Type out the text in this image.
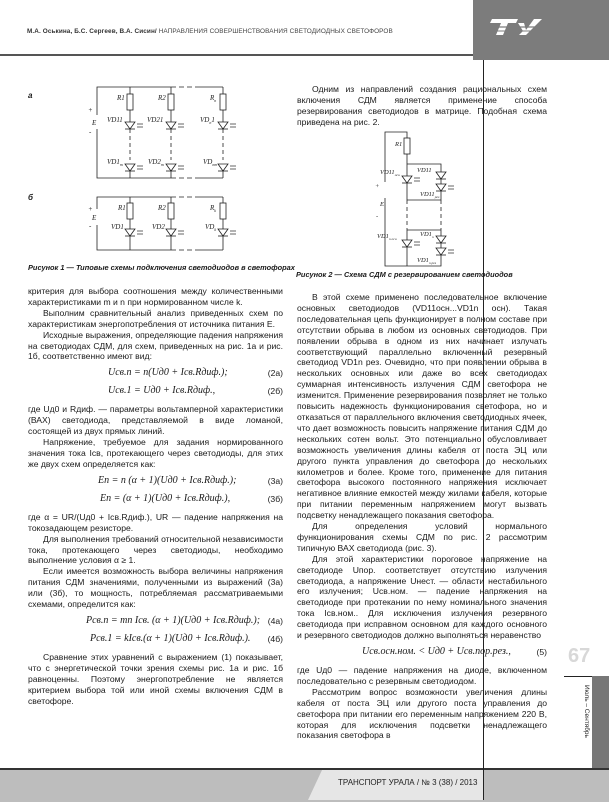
М.А. Оськина, Б.С. Сергеев, В.А. Сисин/ НАПРАВЛЕНИЯ СОВЕРШЕНСТВОВАНИЯ СВЕТОДИОДНЫХ СВЕТОФОРОВ
а
б
R1	R2	$R_n$
VD11	VD21	$VD_n1$
$VD1_m$	$VD2_m$	$VD_{nm}$
E
+
-
R1	R2	$R_k$
VD1	VD2	$VD_k$
E
+
-
Рисунок 1 — Типовые схемы подключения светодиодов в светофорах
R1
$VD11_{осн}$
VD11
$VD11_{рез}$
$VD1_{n осн}$
$VD1_n$
$VD1_{n рез}$
E
+
-
Рисунок 2 — Схема СДМ с резервированием светодиодов

критерия для выбора соотношения между количественными характеристиками m и n при нормированном числе k.

Выполним сравнительный анализ приведенных схем по характеристикам энергопотребления от источника питания E.

Исходные выражения, определяющие падения напряжения на светодиодах СДМ, для схем, приведенных на рис. 1а и рис. 1б, соответственно имеют вид:

Uсв.n = n(Uд0 + Iсв.Rдиф.);	(2а)
Uсв.1 = Uд0 + Iсв.Rдиф.,	(2б)

где Uд0 и Rдиф. — параметры вольтамперной характеристики (ВАХ) светодиода, представляемой в виде ломаной, состоящей из двух прямых линий.

Напряжение, требуемое для задания нормированного значения тока Iсв, протекающего через светодиоды, для этих же двух схем определяется как:

En = n (α + 1)(Uд0 + Iсв.Rдиф.);	(3а)
En = (α + 1)(Uд0 + Iсв.Rдиф.),	(3б)

где α = UR/(Uд0 + Iсв.Rдиф.), UR — падение напряжения на токозадающем резисторе.

Для выполнения требований относительной независимости тока, протекающего через светодиоды, необходимо выполнение условия α ≥ 1.

Если имеется возможность выбора величины напряжения питания СДМ значениями, полученными из выражений (3а) или (3б), то мощность, потребляемая рассматриваемыми схемами, определится как:

Pсв.n = mn Iсв. (α + 1)(Uд0 + Iсв.Rдиф.); (4а)
Pсв.1 = kIсв.(α + 1)(Uд0 + Iсв.Rдиф.). (4б)

Сравнение этих уравнений с выражением (1) показывает, что с энергетической точки зрения схемы рис. 1а и рис. 1б равноценны. Поэтому энергопотребление не является критерием выбора той или иной схемы включения СДМ в светофоре.

Одним из направлений создания рациональных схем включения СДМ является применение способа резервирования светодиодов в матрице. Подобная схема приведена на рис. 2.

В этой схеме применено последовательное включение основных светодиодов (VD11осн...VD1n осн). Такая последовательная цепь функционирует в полном составе при отсутствии обрыва в любом из основных светодиодов. При появлении обрыва в одном из них начинает излучать соответствующий параллельно включенный резервный светодиод VD1n рез. Очевидно, что при появлении обрыва в нескольких основных или даже во всех светодиодах суммарная интенсивность излучения СДМ светофора не изменится. Применение резервирования позволяет не только повысить надежность функционирования светофора, но и отказаться от параллельного включения светодиодных ячеек, что дает возможность повысить напряжение питания СДМ до нескольких сотен вольт. Это потенциально обусловливает возможность увеличения длины кабеля от поста ЭЦ или другого пункта управления до светофора до нескольких километров и более. Кроме того, применение для питания светофора высокого постоянного напряжения исключает негативное влияние емкостей между жилами кабеля, которые при питании переменным напряжением могут вызвать подсветку ненадлежащего показания светофора.

Для определения условий нормального функционирования схемы СДМ по рис. 2 рассмотрим типичную ВАХ светодиода (рис. 3).

Для этой характеристики пороговое напряжение на светодиоде Uпор. соответствует отсутствию излучения светодиода, а напряжение Uнест. — области нестабильного его излучения; Uсв.ном. — падение напряжения на светодиоде при протекании по нему номинального значения тока Iсв.ном.. Для исключения излучения резервного светодиода при исправном основном для каждого основного и резервного светодиодов должно выполняться неравенство

Uсв.осн.ном. < Uд0 + Uсв.пор.рез.,	(5)

где Uд0 — падение напряжения на диоде, включенном последовательно с резервным светодиодом.

Рассмотрим вопрос возможности увеличения длины кабеля от поста ЭЦ или другого поста управления до светофора при питании его переменным напряжением 220 В, которая для исключения подсветки ненадлежащего показания светофора в

67
Июль – Сентябрь
ТРАНСПОРТ УРАЛА / № 3 (38) / 2013
